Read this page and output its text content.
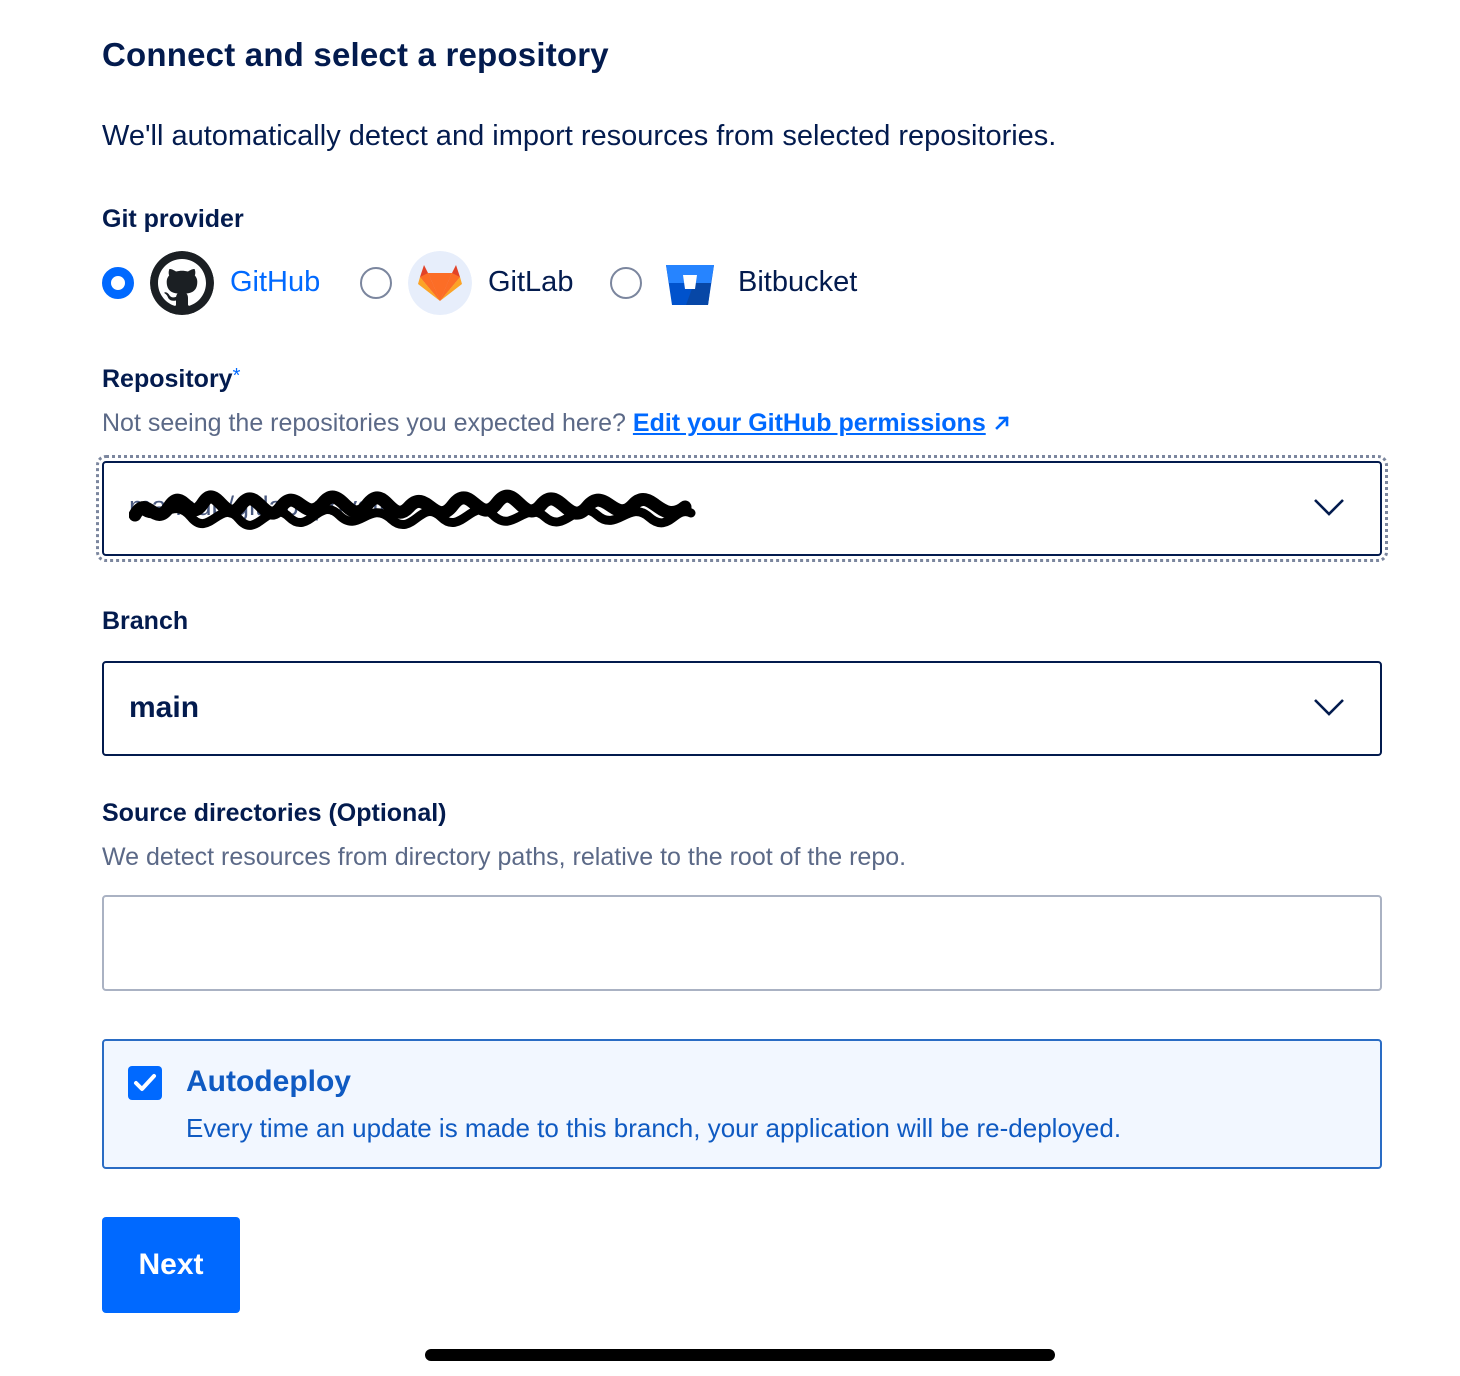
Connect and select a repository

We'll automatically detect and import resources from selected repositories.

Git provider
GitHub	GitLab	Bitbucket
Repository*
Not seeing the repositories you expected here? Edit your GitHub permissions
mariadb/gitlab_private
Branch
main
Source directories (Optional)
We detect resources from directory paths, relative to the root of the repo.
Autodeploy
Every time an update is made to this branch, your application will be re-deployed.
Next
